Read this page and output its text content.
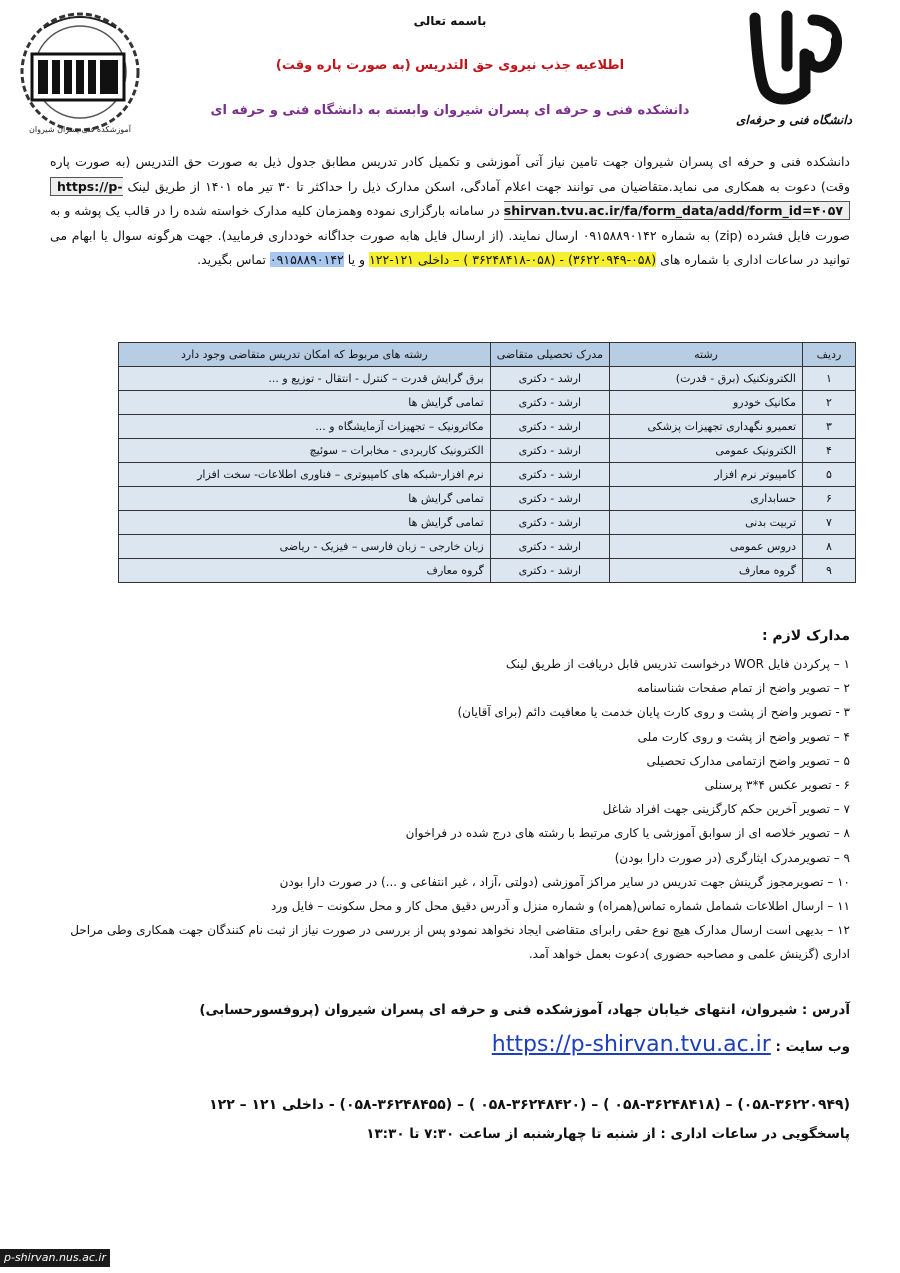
باسمه تعالی
اطلاعیه جذب نیروی حق التدریس (به صورت پاره وقت)
دانشکده فنی و حرفه ای پسران شیروان وابسته به دانشگاه فنی و حرفه ای
دانشگاه فنی و حرفه‌ای
آموزشکده فنی پسران شیروان
دانشکده فنی و حرفه ای پسران شیروان جهت تامین نیاز آتی آموزشی و تکمیل کادر تدریس مطابق جدول ذیل به صورت حق التدریس (به صورت پاره وقت) دعوت به همکاری می نماید.متقاضیان می توانند جهت اعلام آمادگی، اسکن مدارک ذیل را حداکثر تا ۳۰ تیر ماه ۱۴۰۱ از طریق لینک https://p-shirvan.tvu.ac.ir/fa/form_data/add/form_id=۴۰۵۷ در سامانه بارگزاری نموده وهمزمان کلیه مدارک خواسته شده را در قالب یک پوشه و به صورت فایل فشرده (zip) به شماره ۰۹۱۵۸۸۹۰۱۴۲ ارسال نمایند. (از ارسال فایل هابه صورت جداگانه خودداری فرمایید). جهت هرگونه سوال یا ابهام می توانید در ساعات اداری با شماره های (۰۵۸-۳۶۲۲۰۹۴۹) - (۰۵۸-۳۶۲۴۸۴۱۸ ) – داخلی ۱۲۱-۱۲۲ و یا ۰۹۱۵۸۸۹۰۱۴۲ تماس بگیرید.
ردیف	رشته	مدرک تحصیلی متقاضی	رشته های مربوط که امکان تدریس متقاضی وجود دارد
۱	الکترونکنیک (برق - قدرت)	ارشد - دکتری	برق گرایش قدرت – کنترل - انتقال - توزیع و ...
۲	مکانیک خودرو	ارشد - دکتری	تمامی گرایش ها
۳	تعمیرو نگهداری تجهیزات پزشکی	ارشد - دکتری	مکاترونیک – تجهیزات آزمایشگاه و ...
۴	الکترونیک عمومی	ارشد - دکتری	الکترونیک کاربردی - مخابرات – سوئیچ
۵	کامپیوتر نرم افزار	ارشد - دکتری	نرم افزار-شبکه های کامپیوتری – فناوری اطلاعات- سخت افزار
۶	حسابداری	ارشد - دکتری	تمامی گرایش ها
۷	تربیت بدنی	ارشد - دکتری	تمامی گرایش ها
۸	دروس عمومی	ارشد - دکتری	زبان خارجی – زبان فارسی – فیزیک - ریاضی
۹	گروه معارف	ارشد - دکتری	گروه معارف
مدارک لازم :
۱ – پرکردن فایل WOR درخواست تدریس قابل دریافت از طریق لینک
۲ – تصویر واضح از تمام صفحات شناسنامه
۳ - تصویر واضح از پشت و روی کارت پایان خدمت یا معافیت دائم (برای آقایان)
۴ – تصویر واضح از پشت و روی کارت ملی
۵ – تصویر واضح ازتمامی مدارک تحصیلی
۶ - تصویر عکس ۴*۳ پرسنلی
۷ – تصویر آخرین حکم کارگزینی جهت افراد شاغل
۸ – تصویر خلاصه ای از سوابق آموزشی یا کاری مرتبط با رشته های درج شده در فراخوان
۹ – تصویرمدرک ایثارگری (در صورت دارا بودن)
۱۰ – تصویرمجوز گرینش جهت تدریس در سایر مراکز آموزشی (دولتی ،آزاد ، غیر انتفاعی و ...) در صورت دارا بودن
۱۱ – ارسال اطلاعات شمامل شماره تماس(همراه) و شماره منزل و آدرس دقیق محل کار و محل سکونت – فایل ورد
۱۲ – بدیهی است ارسال مدارک هیچ نوع حقی رابرای متقاضی ایجاد نخواهد نمودو پس از بررسی در صورت نیاز از ثبت نام کنندگان جهت همکاری وطی مراحل اداری (گزینش علمی و مصاحبه حضوری )دعوت بعمل خواهد آمد.
آدرس : شیروان، انتهای خیابان جهاد، آموزشکده فنی و حرفه ای پسران شیروان (پروفسورحسابی)
وب سایت : https://p-shirvan.tvu.ac.ir
(۰۵۸-۳۶۲۲۰۹۴۹) – (۰۵۸-۳۶۲۴۸۴۱۸ ) – (۰۵۸-۳۶۲۴۸۴۲۰ ) – (۰۵۸-۳۶۲۴۸۴۵۵) - داخلی ۱۲۱ – ۱۲۲
پاسخگویی در ساعات اداری : از شنبه تا چهارشنبه از ساعت ۷:۳۰ تا ۱۳:۳۰
p-shirvan.nus.ac.ir
